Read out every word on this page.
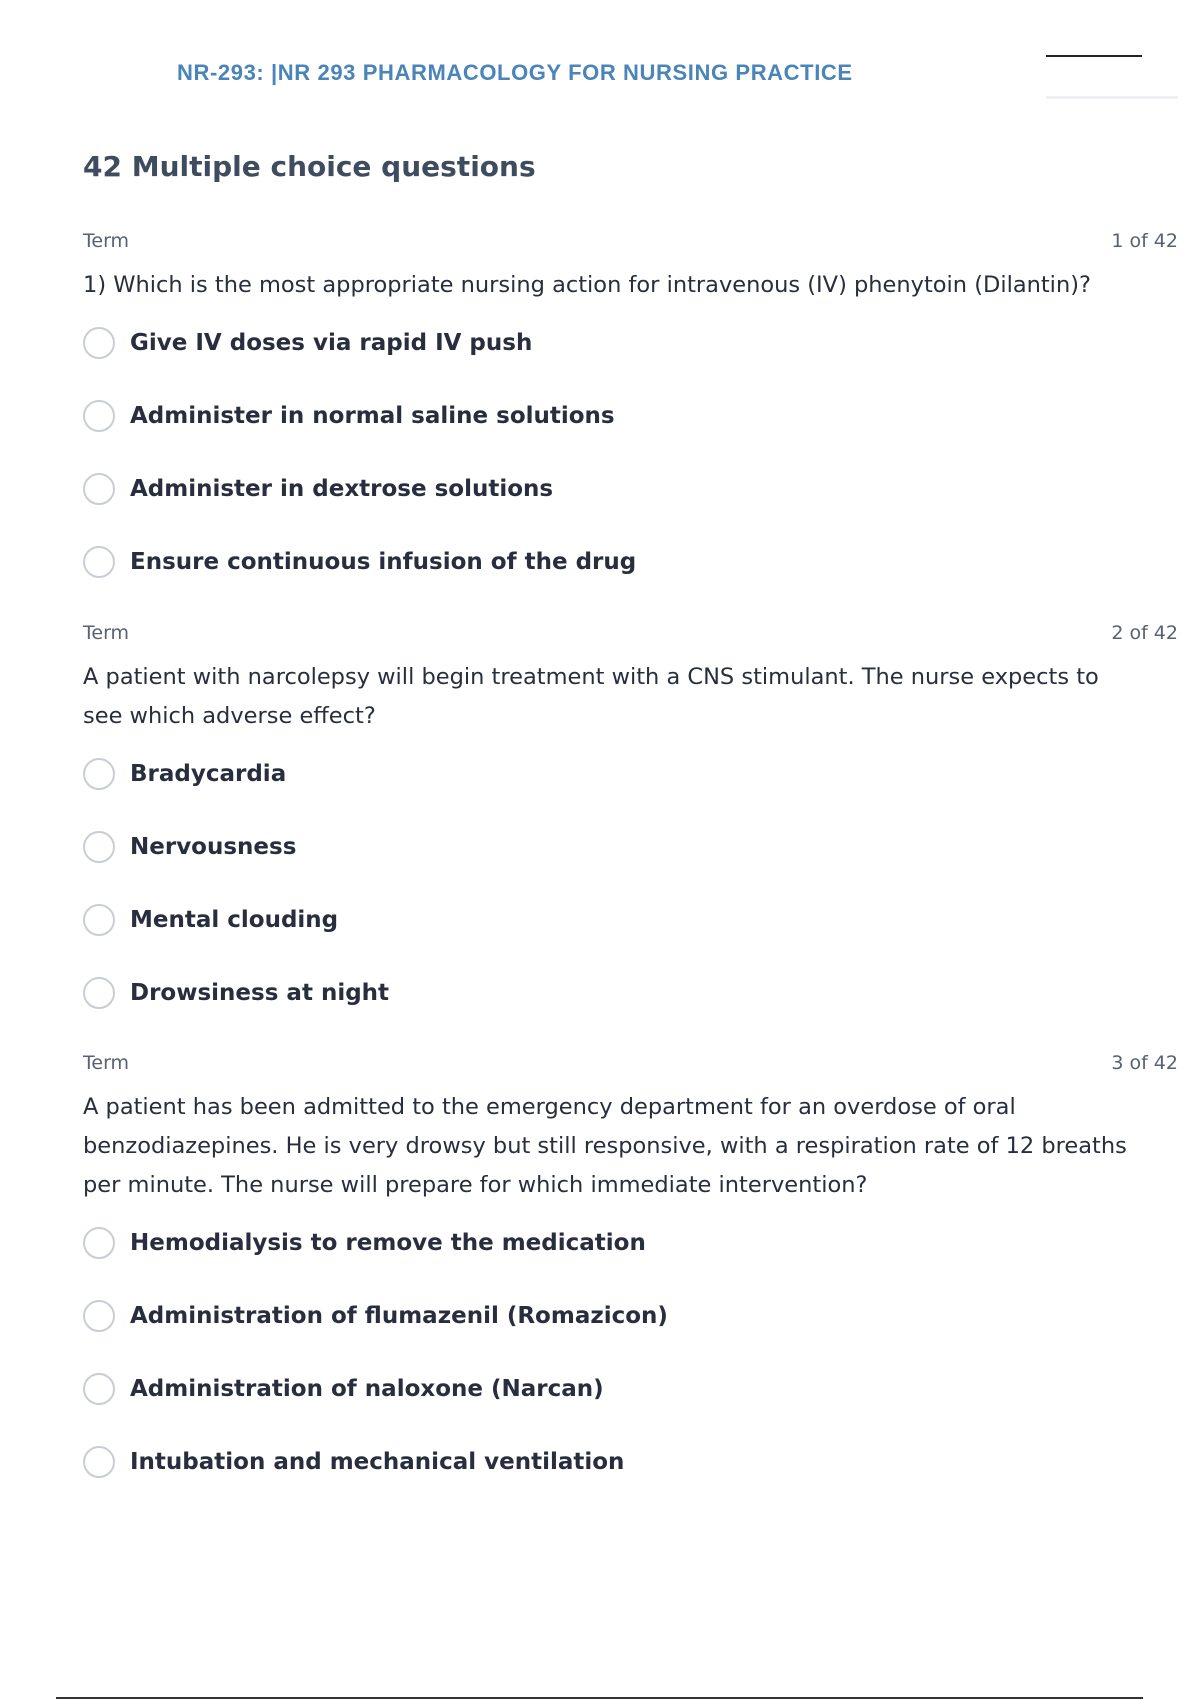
NR-293: |NR 293 PHARMACOLOGY FOR NURSING PRACTICE
42 Multiple choice questions
Term	1 of 42
1) Which is the most appropriate nursing action for intravenous (IV) phenytoin (Dilantin)?
Give IV doses via rapid IV push
Administer in normal saline solutions
Administer in dextrose solutions
Ensure continuous infusion of the drug
Term	2 of 42
A patient with narcolepsy will begin treatment with a CNS stimulant. The nurse expects to see which adverse effect?
Bradycardia
Nervousness
Mental clouding
Drowsiness at night
Term	3 of 42
A patient has been admitted to the emergency department for an overdose of oral benzodiazepines. He is very drowsy but still responsive, with a respiration rate of 12 breaths per minute. The nurse will prepare for which immediate intervention?
Hemodialysis to remove the medication
Administration of flumazenil (Romazicon)
Administration of naloxone (Narcan)
Intubation and mechanical ventilation
